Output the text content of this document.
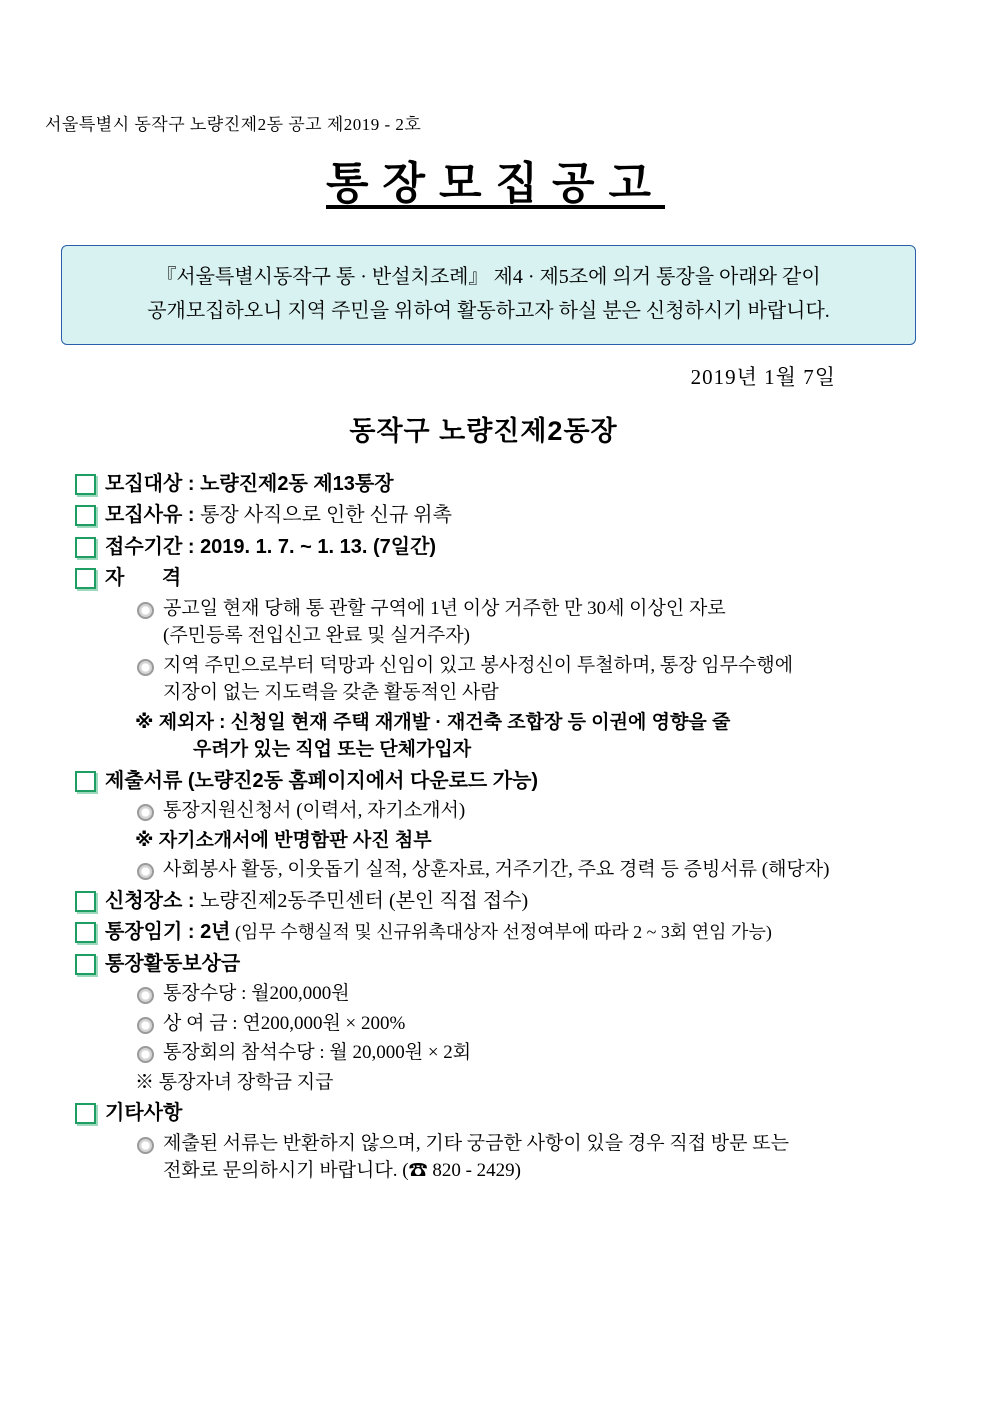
서울특별시 동작구 노량진제2동 공고 제2019 - 2호
통장모집공고
『서울특별시동작구 통 · 반설치조례』 제4 · 제5조에 의거 통장을 아래와 같이
공개모집하오니 지역 주민을 위하여 활동하고자 하실 분은 신청하시기 바랍니다.
2019년 1월 7일
동작구 노량진제2동장
모집대상 : 노량진제2동 제13통장
모집사유 : 통장 사직으로 인한 신규 위촉
접수기간 : 2019. 1. 7. ~ 1. 13. (7일간)
자 격
공고일 현재 당해 통 관할 구역에 1년 이상 거주한 만 30세 이상인 자로
(주민등록 전입신고 완료 및 실거주자)
지역 주민으로부터 덕망과 신임이 있고 봉사정신이 투철하며, 통장 임무수행에
지장이 없는 지도력을 갖춘 활동적인 사람
※ 제외자 : 신청일 현재 주택 재개발 · 재건축 조합장 등 이권에 영향을 줄
우려가 있는 직업 또는 단체가입자
제출서류 (노량진2동 홈페이지에서 다운로드 가능)
통장지원신청서 (이력서, 자기소개서)
※ 자기소개서에 반명함판 사진 첨부
사회봉사 활동, 이웃돕기 실적, 상훈자료, 거주기간, 주요 경력 등 증빙서류 (해당자)
신청장소 : 노량진제2동주민센터 (본인 직접 접수)
통장임기 : 2년 (임무 수행실적 및 신규위촉대상자 선정여부에 따라 2 ~ 3회 연임 가능)
통장활동보상금
통장수당 : 월200,000원
상 여 금 : 연200,000원 × 200%
통장회의 참석수당 : 월 20,000원 × 2회
※ 통장자녀 장학금 지급
기타사항
제출된 서류는 반환하지 않으며, 기타 궁금한 사항이 있을 경우 직접 방문 또는
전화로 문의하시기 바랍니다. (☎ 820 - 2429)
